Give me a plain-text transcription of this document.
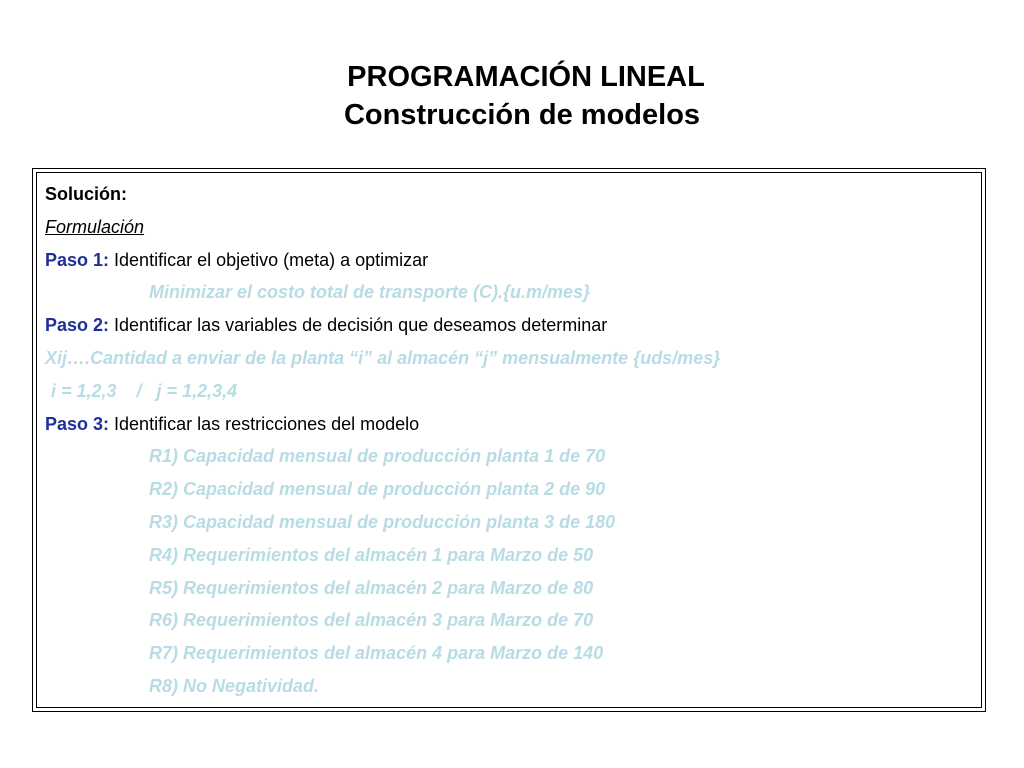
PROGRAMACIÓN LINEAL
Construcción de modelos
Solución:
Formulación
Paso 1: Identificar el objetivo (meta) a optimizar
Minimizar el costo total de transporte (C).{u.m/mes}
Paso 2: Identificar las variables de decisión que deseamos determinar
Xij….Cantidad a enviar de la planta “i” al almacén “j” mensualmente {uds/mes}
i = 1,2,3    /   j = 1,2,3,4
Paso 3: Identificar las restricciones del modelo
R1) Capacidad mensual de producción planta 1 de 70
R2) Capacidad mensual de producción planta 2 de 90
R3) Capacidad mensual de producción planta 3 de 180
R4) Requerimientos del almacén 1 para Marzo de 50
R5) Requerimientos del almacén 2 para Marzo de 80
R6) Requerimientos del almacén 3 para Marzo de 70
R7) Requerimientos del almacén 4 para Marzo de 140
R8) No Negatividad.
